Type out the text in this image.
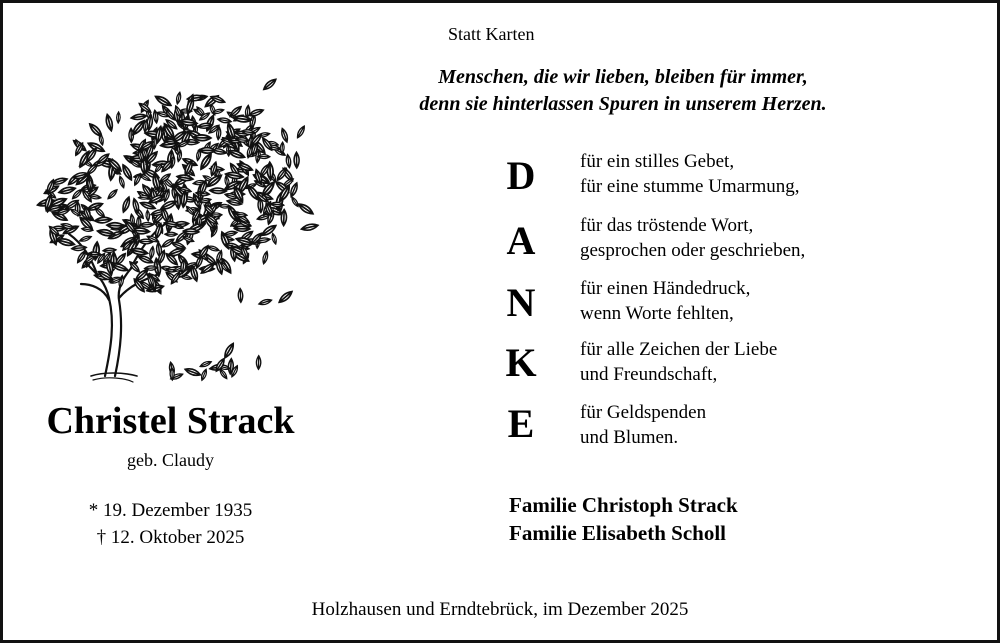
Statt Karten
Menschen, die wir lieben, bleiben für immer,
denn sie hinterlassen Spuren in unserem Herzen.
Christel Strack
geb. Claudy
* 19. Dezember 1935
† 12. Oktober 2025
D	für ein stilles Gebet,
für eine stumme Umarmung,
A	für das tröstende Wort,
gesprochen oder geschrieben,
N	für einen Händedruck,
wenn Worte fehlten,
K für alle Zeichen der Liebe
und Freundschaft,
E	für Geldspenden
und Blumen.
Familie Christoph Strack
Familie Elisabeth Scholl
Holzhausen und Erndtebrück, im Dezember 2025
